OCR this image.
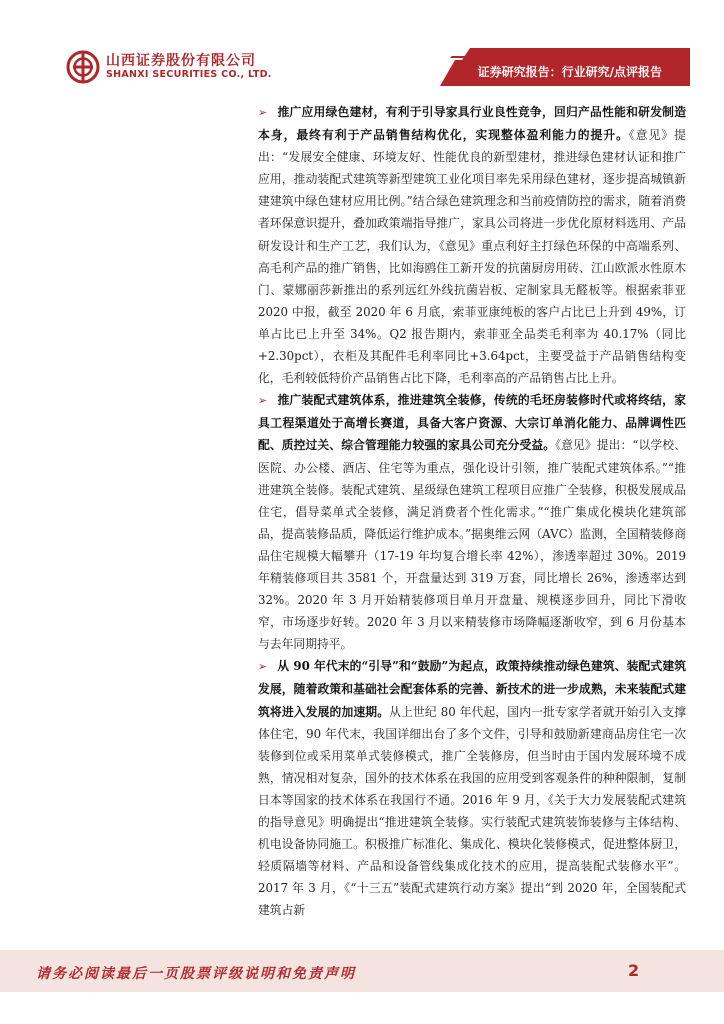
山西证券股份有限公司
SHANXI SECURITIES CO., LTD.	证券研究报告：行业研究/点评报告

➢ 推广应用绿色建材，有利于引导家具行业良性竞争，回归产品性能和研发制造本身，最终有利于产品销售结构优化，实现整体盈利能力的提升。《意见》提出：“发展安全健康、环境友好、性能优良的新型建材，推进绿色建材认证和推广应用，推动装配式建筑等新型建筑工业化项目率先采用绿色建材，逐步提高城镇新建建筑中绿色建材应用比例。”结合绿色建筑理念和当前疫情防控的需求，随着消费者环保意识提升，叠加政策端指导推广，家具公司将进一步优化原材料选用、产品研发设计和生产工艺，我们认为，《意见》重点利好主打绿色环保的中高端系列、高毛利产品的推广销售，比如海鸥住工新开发的抗菌厨房用砖、江山欧派水性原木门、蒙娜丽莎新推出的系列远红外线抗菌岩板、定制家具无醛板等。根据索菲亚 2020 中报，截至 2020 年 6 月底，索菲亚康纯板的客户占比已上升到 49%，订单占比已上升至 34%。Q2 报告期内，索菲亚全品类毛利率为 40.17%（同比+2.30pct），衣柜及其配件毛利率同比+3.64pct，主要受益于产品销售结构变化，毛利较低特价产品销售占比下降，毛利率高的产品销售占比上升。

➢ 推广装配式建筑体系，推进建筑全装修，传统的毛坯房装修时代或将终结，家具工程渠道处于高增长赛道，具备大客户资源、大宗订单消化能力、品牌调性匹配、质控过关、综合管理能力较强的家具公司充分受益。《意见》提出：“以学校、医院、办公楼、酒店、住宅等为重点，强化设计引领，推广装配式建筑体系。”“推进建筑全装修。装配式建筑、星级绿色建筑工程项目应推广全装修，积极发展成品住宅，倡导菜单式全装修，满足消费者个性化需求。”“推广集成化模块化建筑部品，提高装修品质，降低运行维护成本。”据奥维云网（AVC）监测，全国精装修商品住宅规模大幅攀升（17-19 年均复合增长率 42%），渗透率超过 30%。2019 年精装修项目共 3581 个，开盘量达到 319 万套，同比增长 26%，渗透率达到 32%。2020 年 3 月开始精装修项目单月开盘量、规模逐步回升，同比下滑收窄，市场逐步好转。2020 年 3 月以来精装修市场降幅逐渐收窄，到 6 月份基本与去年同期持平。

➢ 从 90 年代末的“引导”和“鼓励”为起点，政策持续推动绿色建筑、装配式建筑发展，随着政策和基础社会配套体系的完善、新技术的进一步成熟，未来装配式建筑将进入发展的加速期。从上世纪 80 年代起，国内一批专家学者就开始引入支撑体住宅，90 年代末，我国详细出台了多个文件，引导和鼓励新建商品房住宅一次装修到位或采用菜单式装修模式，推广全装修房，但当时由于国内发展环境不成熟，情况相对复杂，国外的技术体系在我国的应用受到客观条件的种种限制，复制日本等国家的技术体系在我国行不通。2016 年 9 月，《关于大力发展装配式建筑的指导意见》明确提出“推进建筑全装修。实行装配式建筑装饰装修与主体结构、机电设备协同施工。积极推广标准化、集成化、模块化装修模式，促进整体厨卫，轻质隔墙等材料、产品和设备管线集成化技术的应用，提高装配式装修水平”。2017 年 3 月，《“十三五”装配式建筑行动方案》提出“到 2020 年，全国装配式建筑占新

请务必阅读最后一页股票评级说明和免责声明	2
